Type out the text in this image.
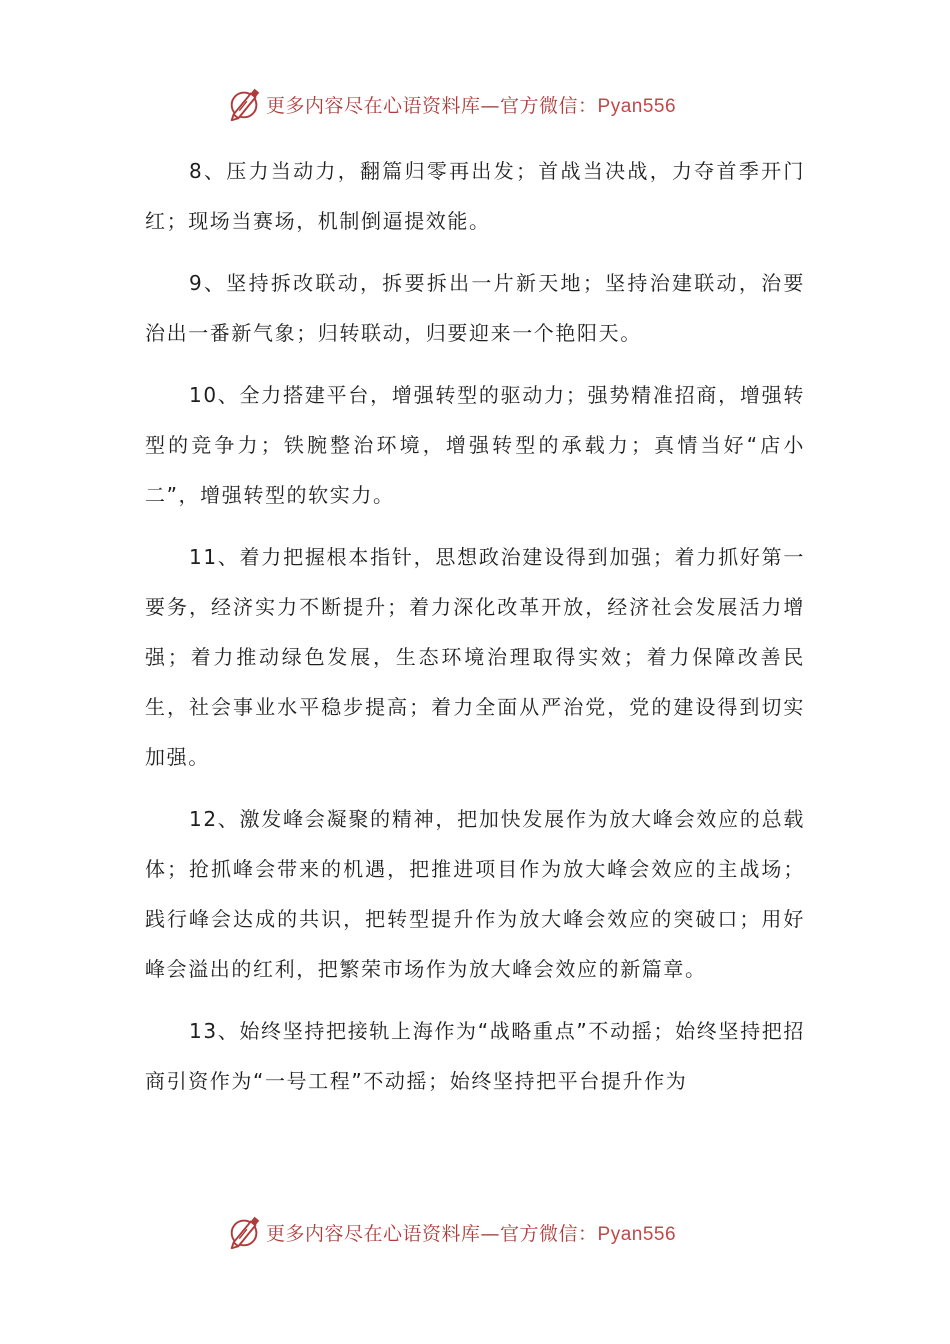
更多内容尽在心语资料库—官方微信：Pyan556

8、压力当动力，翻篇归零再出发；首战当决战，力夺首季开门红；现场当赛场，机制倒逼提效能。

9、坚持拆改联动，拆要拆出一片新天地；坚持治建联动，治要治出一番新气象；归转联动，归要迎来一个艳阳天。

10、全力搭建平台，增强转型的驱动力；强势精准招商，增强转型的竞争力；铁腕整治环境，增强转型的承载力；真情当好“店小二”，增强转型的软实力。

11、着力把握根本指针，思想政治建设得到加强；着力抓好第一要务，经济实力不断提升；着力深化改革开放，经济社会发展活力增强；着力推动绿色发展，生态环境治理取得实效；着力保障改善民生，社会事业水平稳步提高；着力全面从严治党，党的建设得到切实加强。

12、激发峰会凝聚的精神，把加快发展作为放大峰会效应的总载体；抢抓峰会带来的机遇，把推进项目作为放大峰会效应的主战场；践行峰会达成的共识，把转型提升作为放大峰会效应的突破口；用好峰会溢出的红利，把繁荣市场作为放大峰会效应的新篇章。

13、始终坚持把接轨上海作为“战略重点”不动摇；始终坚持把招商引资作为“一号工程”不动摇；始终坚持把平台提升作为

更多内容尽在心语资料库—官方微信：Pyan556
